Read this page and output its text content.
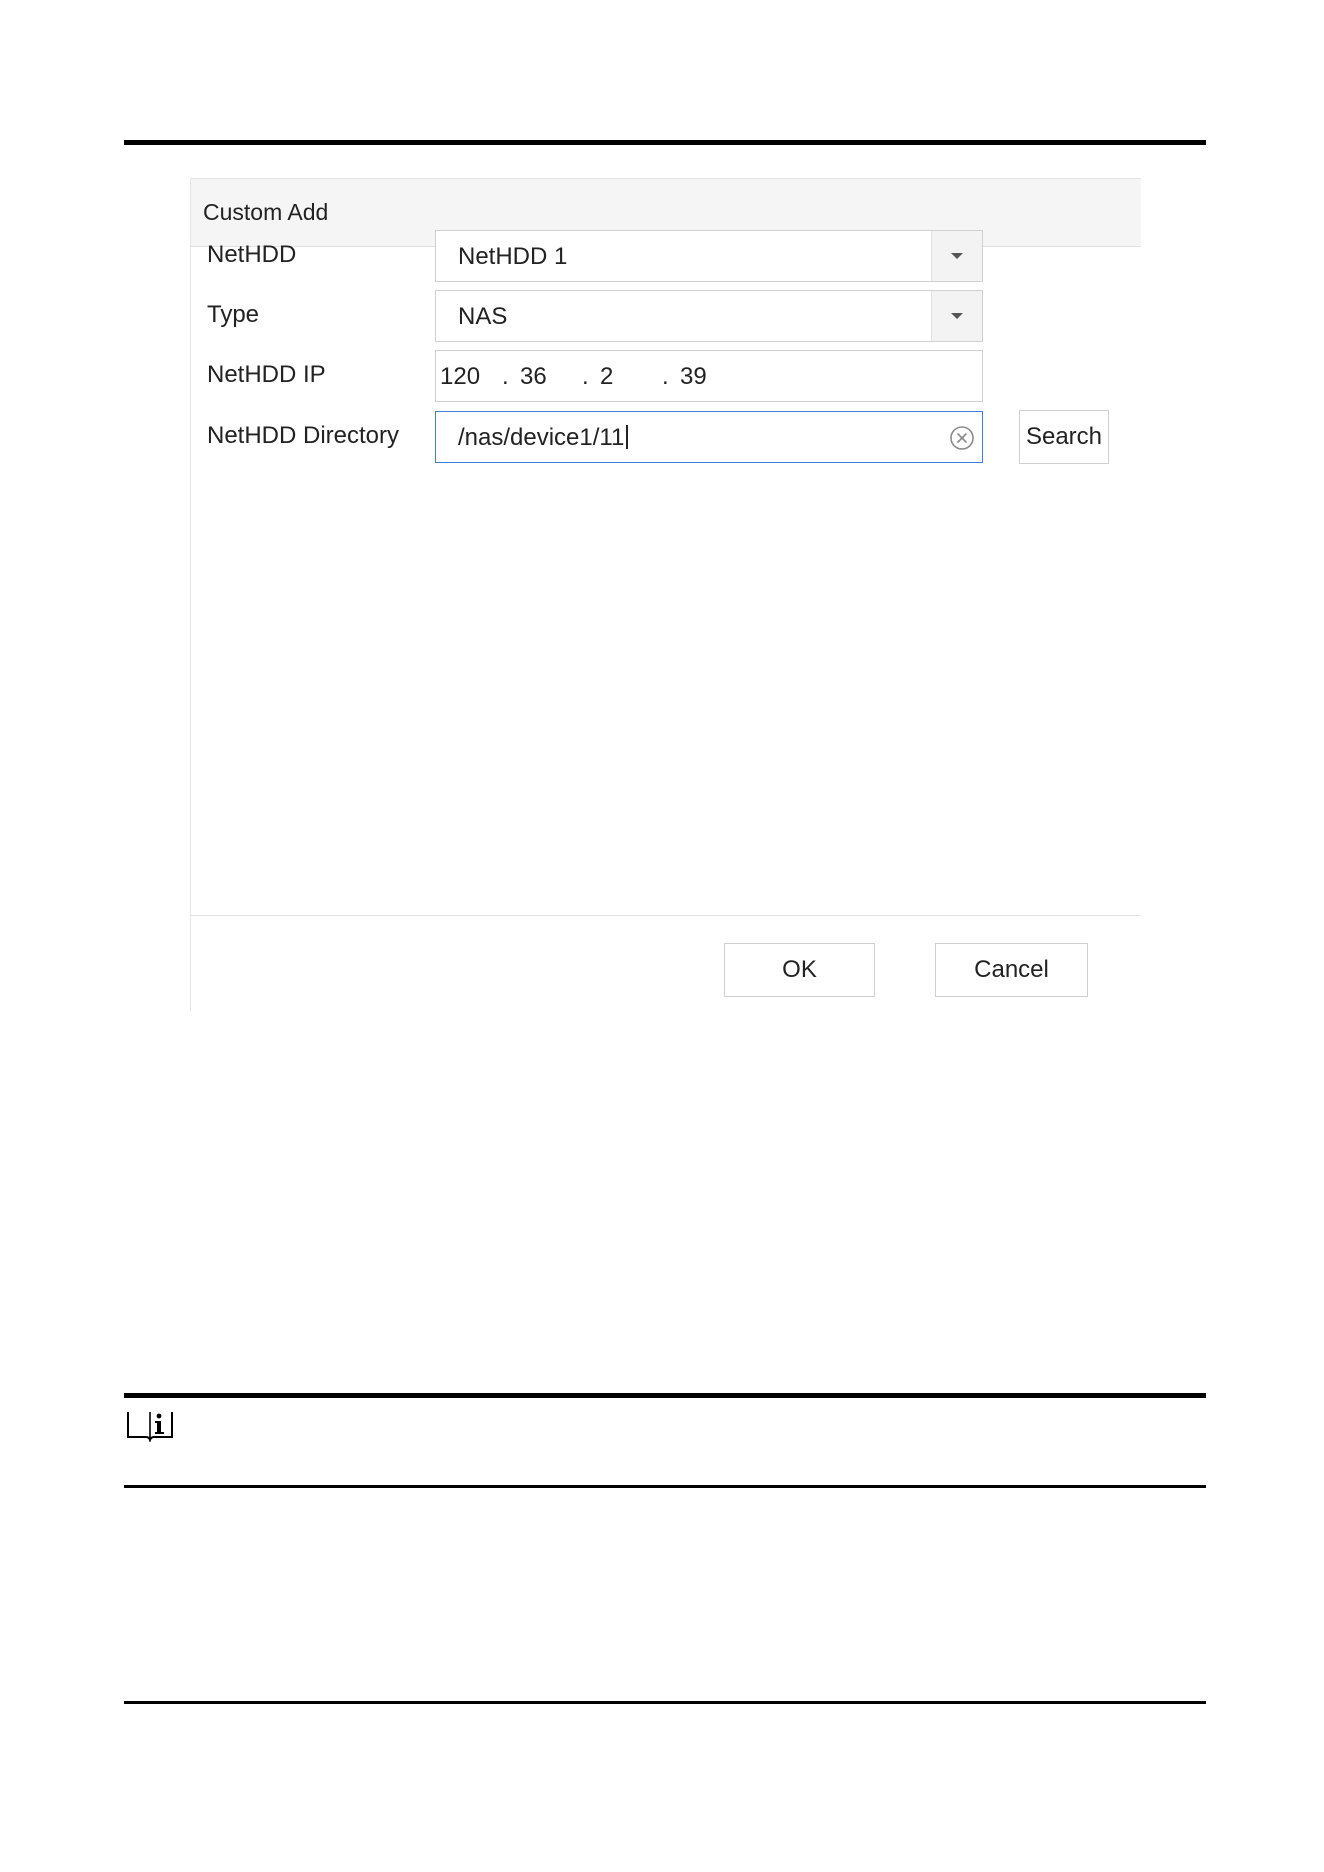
Custom Add
NetHDD	NetHDD 1
Type	NAS
NetHDD IP	120 . 36 . 2 . 39
NetHDD Directory /nas/device1/11	Search
OK	Cancel
